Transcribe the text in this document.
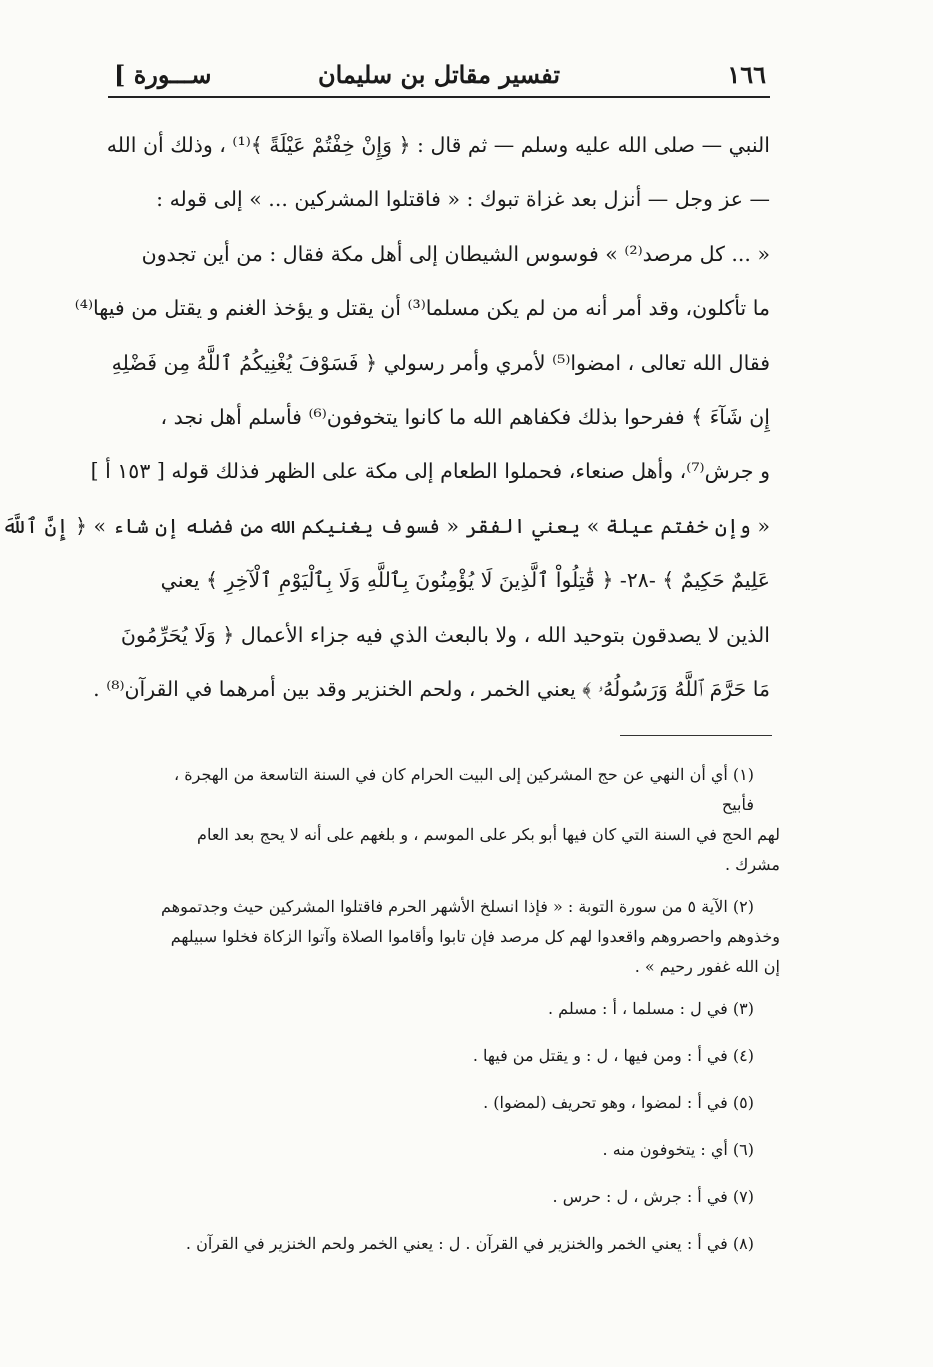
١٦٦
تفسير مقاتل بن سليمان
[ ســـورة

النبي — صلى الله عليه وسلم — ثم قال : ﴿ وَإِنْ خِفْتُمْ عَيْلَةً ﴾⁽¹⁾ ، وذلك أن الله

— عز وجل — أنزل بعد غزاة تبوك : « فاقتلوا المشركين ... » إلى قوله :

« ... كل مرصد⁽²⁾ » فوسوس الشيطان إلى أهل مكة فقال : من أين تجدون

ما تأكلون، وقد أمر أنه من لم يكن مسلما⁽³⁾ أن يقتل و يؤخذ الغنم و يقتل من فيها⁽⁴⁾

فقال الله تعالى ، امضوا⁽⁵⁾ لأمري وأمر رسولي ﴿ فَسَوْفَ يُغْنِيكُمُ ٱللَّهُ مِن فَضْلِهِ

إِن شَآءَ ﴾ ففرحوا بذلك فكفاهم الله ما كانوا يتخوفون⁽⁶⁾ فأسلم أهل نجد ،

و جرش⁽⁷⁾، وأهل صنعاء، فحملوا الطعام إلى مكة على الظهر فذلك قوله [ ١٥٣ أ ]

« وإن خفتم عيلة » يعني الفقر « فسوف يغنيكم الله من فضله إن شاء » ﴿ إِنَّ ٱللَّهَ

عَلِيمٌ حَكِيمٌ ﴾ -٢٨- ﴿ قَٰتِلُواْ ٱلَّذِينَ لَا يُؤْمِنُونَ بِٱللَّهِ وَلَا بِٱلْيَوْمِ ٱلْآخِرِ ﴾ يعني

الذين لا يصدقون بتوحيد الله ، ولا بالبعث الذي فيه جزاء الأعمال ﴿ وَلَا يُحَرِّمُونَ

مَا حَرَّمَ ٱللَّهُ وَرَسُولُهُۥ ﴾ يعني الخمر ، ولحم الخنزير وقد بين أمرهما في القرآن⁽⁸⁾ .

(١) أي أن النهي عن حج المشركين إلى البيت الحرام كان في السنة التاسعة من الهجرة ، فأبيح

لهم الحج في السنة التي كان فيها أبو بكر على الموسم ، و بلغهم على أنه لا يحج بعد العام مشرك .

(٢) الآية ٥ من سورة التوبة : « فإذا انسلخ الأشهر الحرم فاقتلوا المشركين حيث وجدتموهم

وخذوهم واحصروهم واقعدوا لهم كل مرصد فإن تابوا وأقاموا الصلاة وآتوا الزكاة فخلوا سبيلهم

إن الله غفور رحيم » .

(٣) في ل : مسلما ، أ : مسلم .

(٤) في أ : ومن فيها ، ل : و يقتل من فيها .

(٥) في أ : لمضوا ، وهو تحريف (لمضوا) .

(٦) أي : يتخوفون منه .

(٧) في أ : جرش ، ل : حرس .

(٨) في أ : يعني الخمر والخنزير في القرآن . ل : يعني الخمر ولحم الخنزير في القرآن .
